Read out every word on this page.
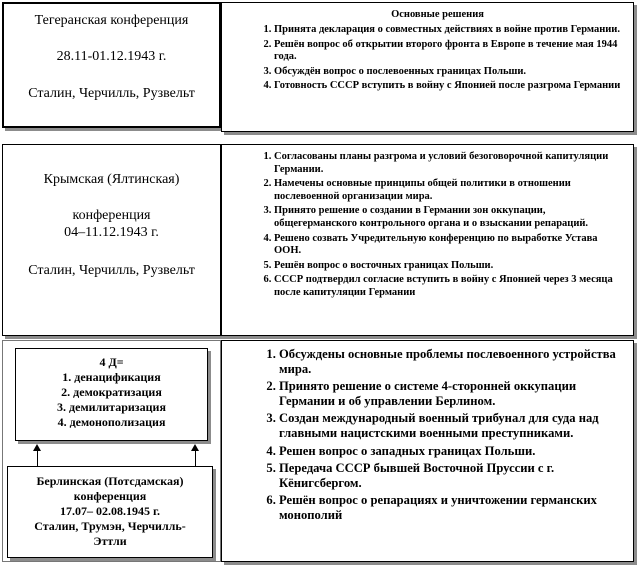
Тегеранская конференция

28.11-01.12.1943 г.

Сталин, Черчилль, Рузвельт

Основные решения
1. Принята декларация о совместных действиях в войне против Германии.
2. Решён вопрос об открытии второго фронта в Европе в течение мая 1944 года.
3. Обсуждён вопрос о послевоенных границах Польши.
4. Готовность СССР вступить в войну с Японией после разгрома Германии

Крымская (Ялтинская)

конференция

04–11.12.1943 г.

Сталин, Черчилль, Рузвельт

1. Согласованы планы разгрома и условий безоговорочной капитуляции Германии.
2. Намечены основные принципы общей политики в отношении послевоенной организации мира.
3. Принято решение о создании в Германии зон оккупации, общегерманского контрольного органа и о взыскании репараций.
4. Решено созвать Учредительную конференцию по выработке Устава ООН.
5. Решён вопрос о восточных границах Польши.
6. СССР подтвердил согласие вступить в войну с Японией через 3 месяца после капитуляции Германии
4 Д=
1. денацификация
2. демократизация
3. демилитаризация
4. демонополизация
Берлинская (Потсдамская)
конференция
17.07– 02.08.1945 г.
Сталин, Трумэн, Черчилль-
Эттли
1. Обсуждены основные проблемы послевоенного устройства мира.
2. Принято решение о системе 4-сторонней оккупации Германии и об управлении Берлином.
3. Создан международный военный трибунал для суда над главными нацистскими военными преступниками.
4. Решен вопрос о западных границах Польши.
5. Передача СССР бывшей Восточной Пруссии с г. Кёнигсбергом.
6. Решён вопрос о репарациях и уничтожении германских монополий
